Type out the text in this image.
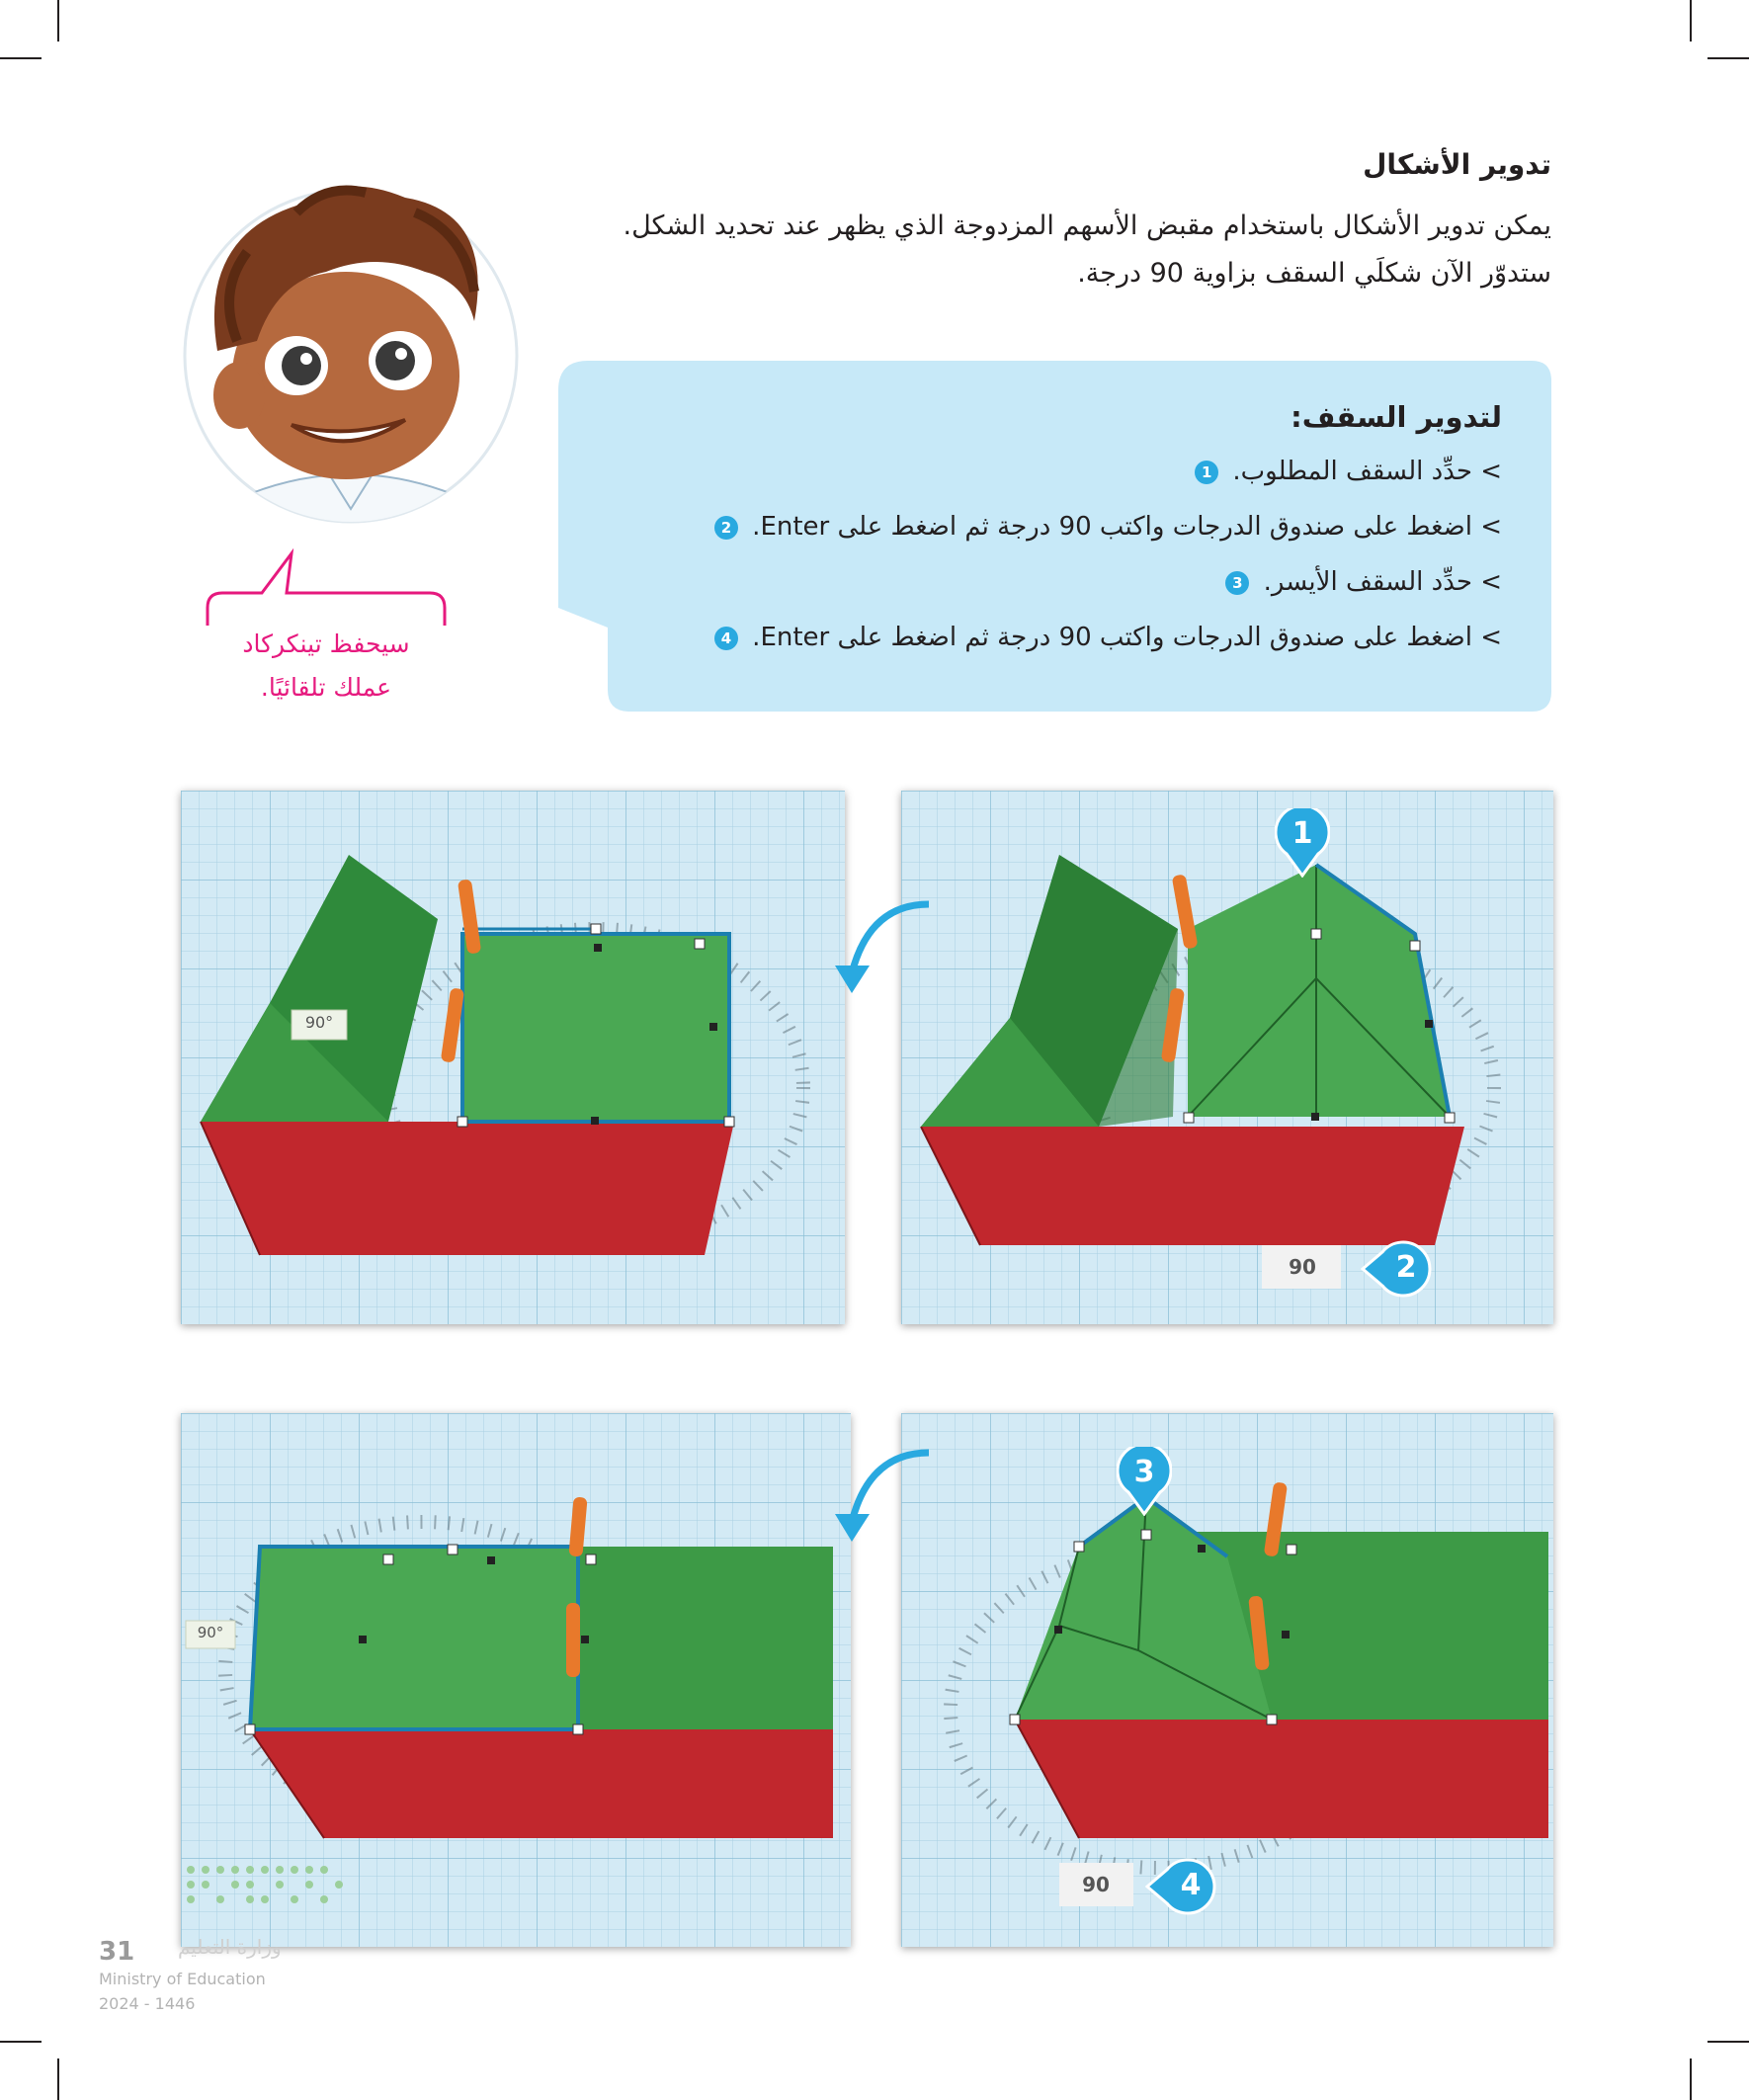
تدوير الأشكال
يمكن تدوير الأشكال باستخدام مقبض الأسهم المزدوجة الذي يظهر عند تحديد الشكل.
ستدوّر الآن شكلَي السقف بزاوية 90 درجة.
لتدوير السقف:
> حدِّد السقف المطلوب. 1
> اضغط على صندوق الدرجات واكتب 90 درجة ثم اضغط على Enter. 2
> حدِّد السقف الأيسر. 3
> اضغط على صندوق الدرجات واكتب 90 درجة ثم اضغط على Enter. 4
سيحفظ تينكركاد
عملك تلقائيًا.
90
1
2
90°
90
3
4
90°
31 وزارة التعليم
Ministry of Education
2024 - 1446
